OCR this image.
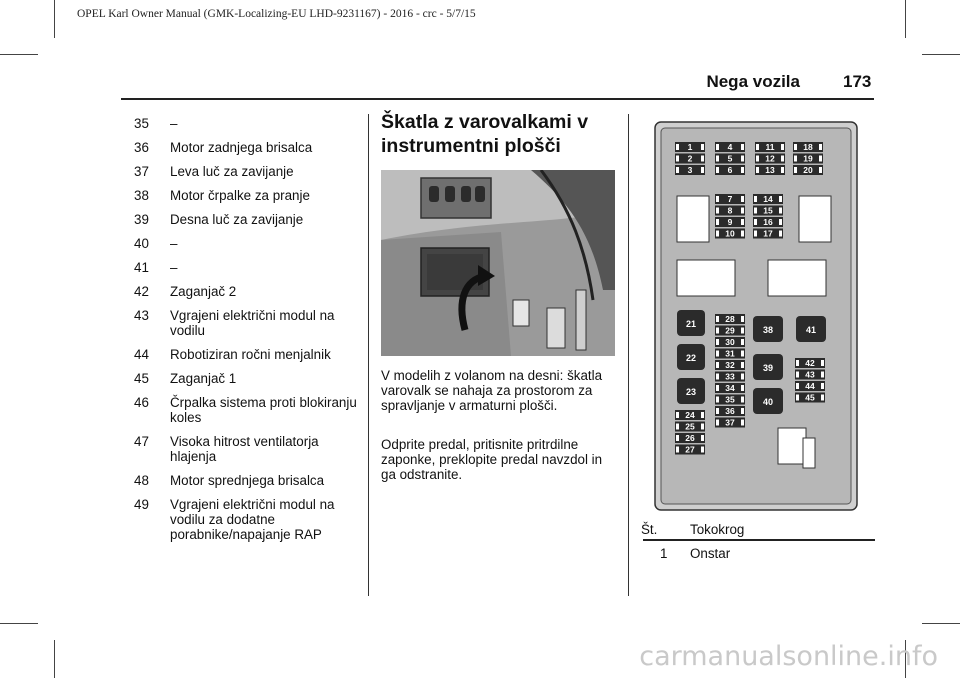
OPEL Karl Owner Manual (GMK-Localizing-EU LHD-9231167) - 2016 - crc - 5/7/15
Nega vozila	173
35	–
36	Motor zadnjega brisalca
37	Leva luč za zavijanje
38	Motor črpalke za pranje
39	Desna luč za zavijanje
40	–
41	–
42	Zaganjač 2
43	Vgrajeni električni modul na vodilu
44	Robotiziran ročni menjalnik
45	Zaganjač 1
46	Črpalka sistema proti blokiranju koles
47	Visoka hitrost ventilatorja hlajenja
48	Motor sprednjega brisalca
49	Vgrajeni električni modul na vodilu za dodatne porabnike/napajanje RAP
Škatla z varovalkami v instrumentni plošči
V modelih z volanom na desni: škatla varovalk se nahaja za prostorom za spravljanje v armaturni plošči.
Odprite predal, pritisnite pritrdilne zaponke, preklopite predal navzdol in ga odstranite.
1
2
3
4
5
6
11
12
13
18
19
20
7
8
9
10
14
15
16
17
21
22
23
24
25
26
27
28
29
30
31
32
33
34
35
36
37
38
39
40
41
42
43
44
45
Št. Tokokrog
1 Onstar
carmanualsonline.info
